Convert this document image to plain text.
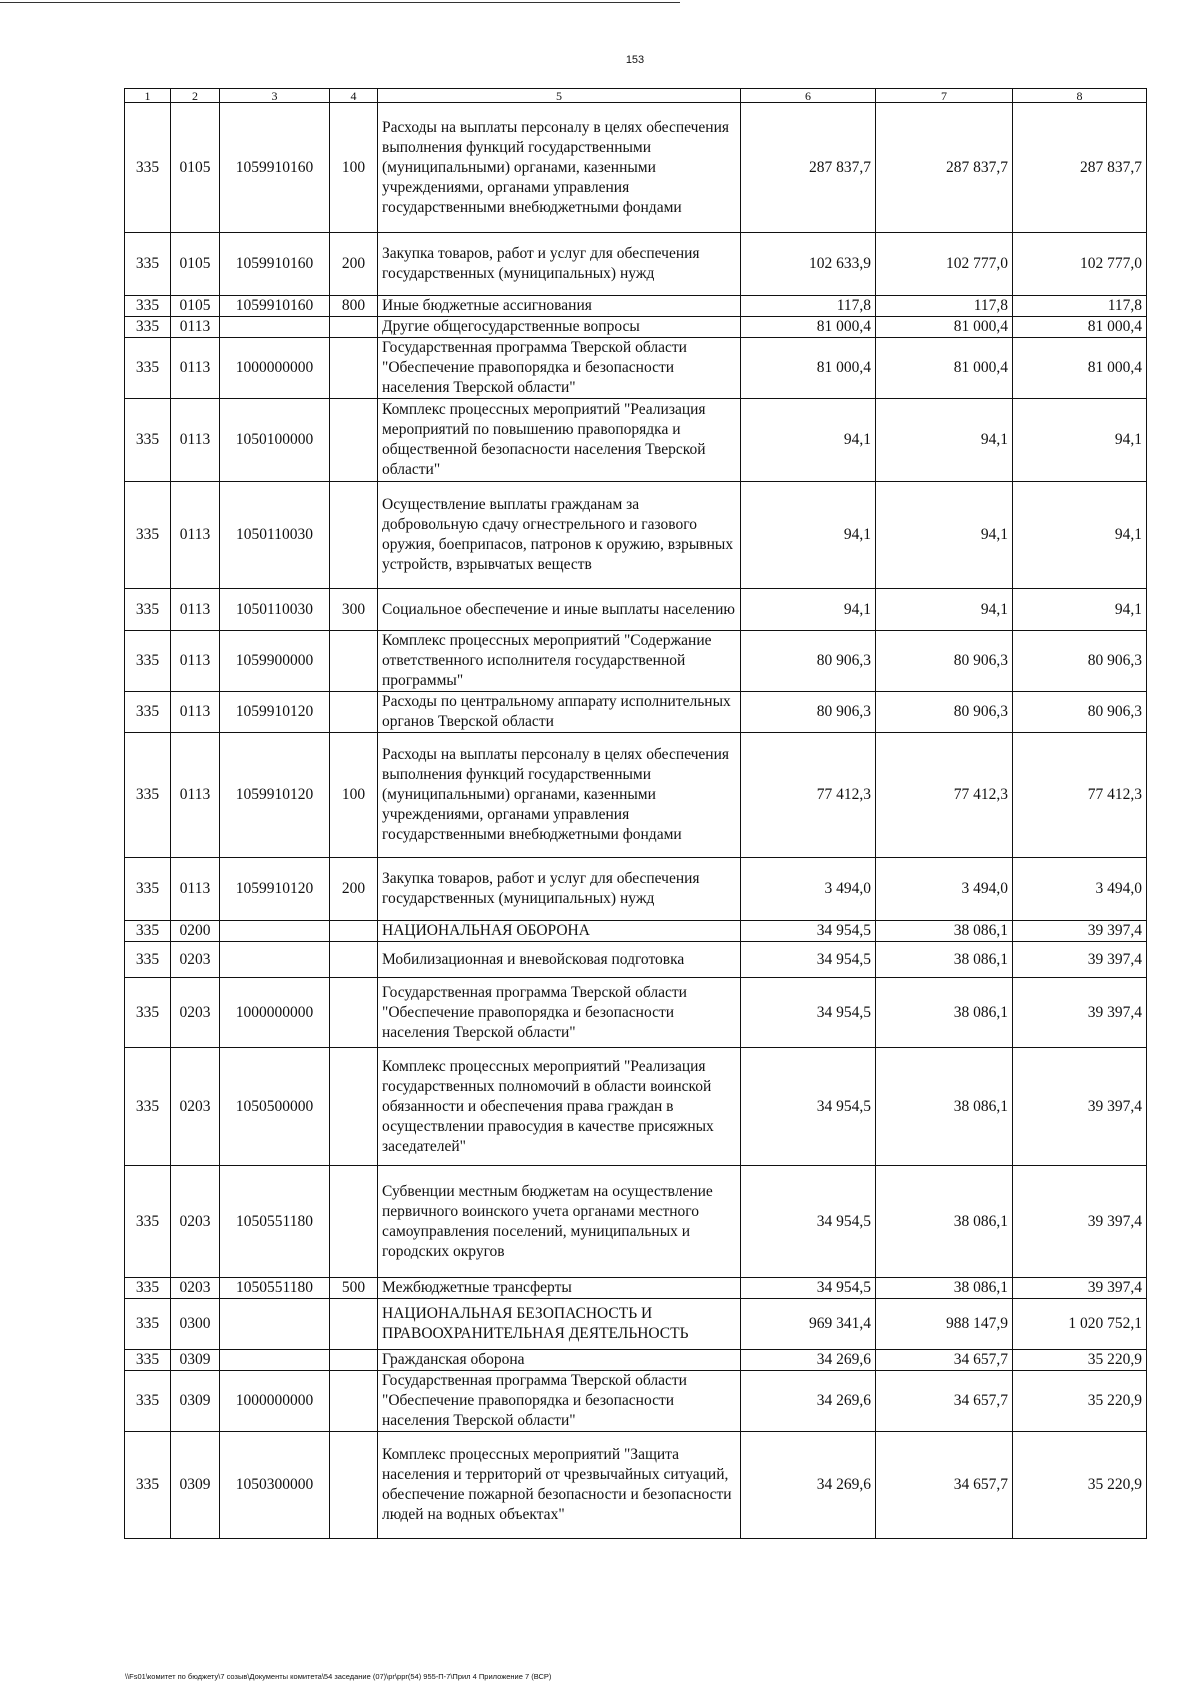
153
1	2	3	4	5	6	7	8
335	0105	1059910160	100	Расходы на выплаты персоналу в целях обеспечения выполнения функций государственными (муниципальными) органами, казенными учреждениями, органами управления государственными внебюджетными фондами	287 837,7	287 837,7	287 837,7
335	0105	1059910160	200	Закупка товаров, работ и услуг для обеспечения государственных (муниципальных) нужд	102 633,9	102 777,0	102 777,0
335	0105	1059910160	800	Иные бюджетные ассигнования	117,8	117,8	117,8
335	0113			Другие общегосударственные вопросы	81 000,4	81 000,4	81 000,4
335	0113	1000000000		Государственная программа Тверской области "Обеспечение правопорядка и безопасности населения Тверской области"	81 000,4	81 000,4	81 000,4
335	0113	1050100000		Комплекс процессных мероприятий "Реализация мероприятий по повышению правопорядка и общественной безопасности населения Тверской области"	94,1	94,1	94,1
335	0113	1050110030		Осуществление выплаты гражданам за добровольную сдачу огнестрельного и газового оружия, боеприпасов, патронов к оружию, взрывных устройств, взрывчатых веществ	94,1	94,1	94,1
335	0113	1050110030	300	Социальное обеспечение и иные выплаты населению	94,1	94,1	94,1
335	0113	1059900000		Комплекс процессных мероприятий "Содержание ответственного исполнителя государственной программы"	80 906,3	80 906,3	80 906,3
335	0113	1059910120		Расходы по центральному аппарату исполнительных органов Тверской области	80 906,3	80 906,3	80 906,3
335	0113	1059910120	100	Расходы на выплаты персоналу в целях обеспечения выполнения функций государственными (муниципальными) органами, казенными учреждениями, органами управления государственными внебюджетными фондами	77 412,3	77 412,3	77 412,3
335	0113	1059910120	200	Закупка товаров, работ и услуг для обеспечения государственных (муниципальных) нужд	3 494,0	3 494,0	3 494,0
335	0200			НАЦИОНАЛЬНАЯ ОБОРОНА	34 954,5	38 086,1	39 397,4
335	0203			Мобилизационная и вневойсковая подготовка	34 954,5	38 086,1	39 397,4
335	0203	1000000000		Государственная программа Тверской области "Обеспечение правопорядка и безопасности населения Тверской области"	34 954,5	38 086,1	39 397,4
335	0203	1050500000		Комплекс процессных мероприятий "Реализация государственных полномочий в области воинской обязанности и обеспечения права граждан в осуществлении правосудия в качестве присяжных заседателей"	34 954,5	38 086,1	39 397,4
335	0203	1050551180		Субвенции местным бюджетам на осуществление первичного воинского учета органами местного самоуправления поселений, муниципальных и городских округов	34 954,5	38 086,1	39 397,4
335	0203	1050551180	500	Межбюджетные трансферты	34 954,5	38 086,1	39 397,4
335	0300			НАЦИОНАЛЬНАЯ БЕЗОПАСНОСТЬ И ПРАВООХРАНИТЕЛЬНАЯ ДЕЯТЕЛЬНОСТЬ	969 341,4	988 147,9	1 020 752,1
335	0309			Гражданская оборона	34 269,6	34 657,7	35 220,9
335	0309	1000000000		Государственная программа Тверской области "Обеспечение правопорядка и безопасности населения Тверской области"	34 269,6	34 657,7	35 220,9
335	0309	1050300000		Комплекс процессных мероприятий "Защита населения и территорий от чрезвычайных ситуаций, обеспечение пожарной безопасности и безопасности людей на водных объектах"	34 269,6	34 657,7	35 220,9
\\Fs01\комитет по бюджету\7 созыв\Документы комитета\54 заседание (07)\pr\ppr(54) 955-П-7\Прил 4 Приложение 7 (ВСР)
